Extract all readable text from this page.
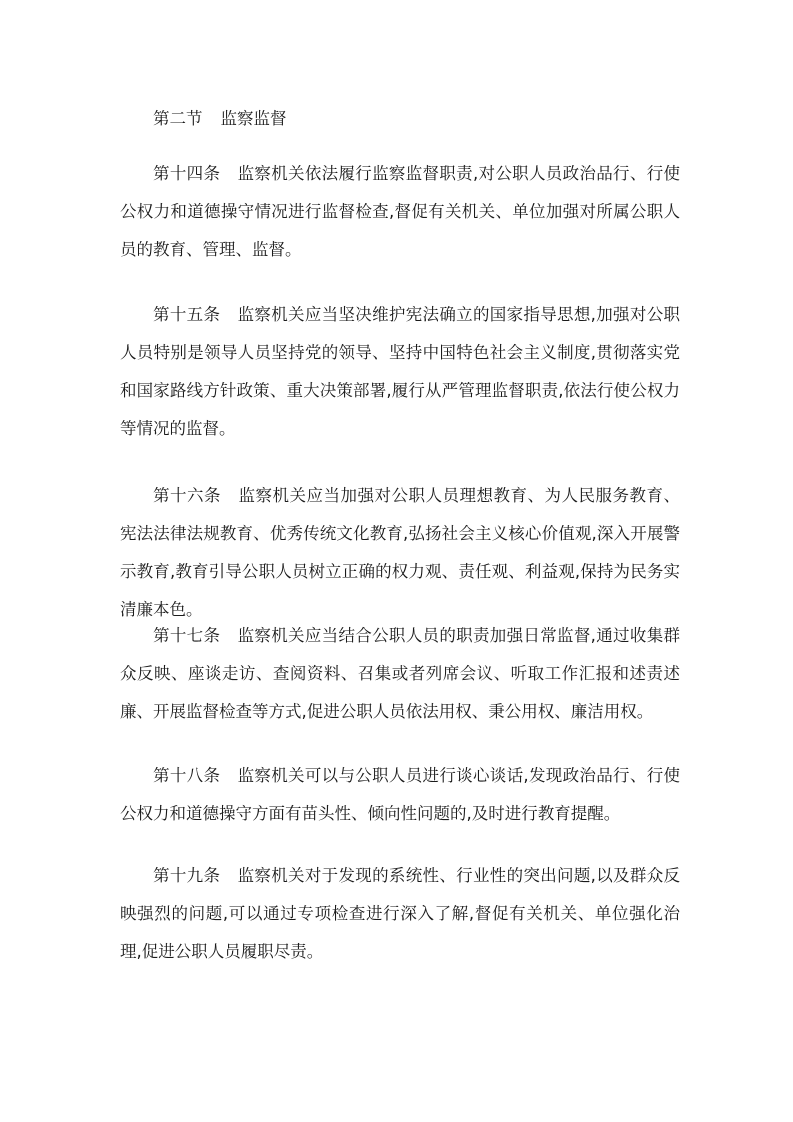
第二节 监察监督

第十四条 监察机关依法履行监察监督职责,对公职人员政治品行、行使公权力和道德操守情况进行监督检查,督促有关机关、单位加强对所属公职人员的教育、管理、监督。

第十五条 监察机关应当坚决维护宪法确立的国家指导思想,加强对公职人员特别是领导人员坚持党的领导、坚持中国特色社会主义制度,贯彻落实党和国家路线方针政策、重大决策部署,履行从严管理监督职责,依法行使公权力等情况的监督。

第十六条 监察机关应当加强对公职人员理想教育、为人民服务教育、宪法法律法规教育、优秀传统文化教育,弘扬社会主义核心价值观,深入开展警示教育,教育引导公职人员树立正确的权力观、责任观、利益观,保持为民务实清廉本色。

第十七条 监察机关应当结合公职人员的职责加强日常监督,通过收集群众反映、座谈走访、查阅资料、召集或者列席会议、听取工作汇报和述责述廉、开展监督检查等方式,促进公职人员依法用权、秉公用权、廉洁用权。

第十八条 监察机关可以与公职人员进行谈心谈话,发现政治品行、行使公权力和道德操守方面有苗头性、倾向性问题的,及时进行教育提醒。

第十九条 监察机关对于发现的系统性、行业性的突出问题,以及群众反映强烈的问题,可以通过专项检查进行深入了解,督促有关机关、单位强化治理,促进公职人员履职尽责。
